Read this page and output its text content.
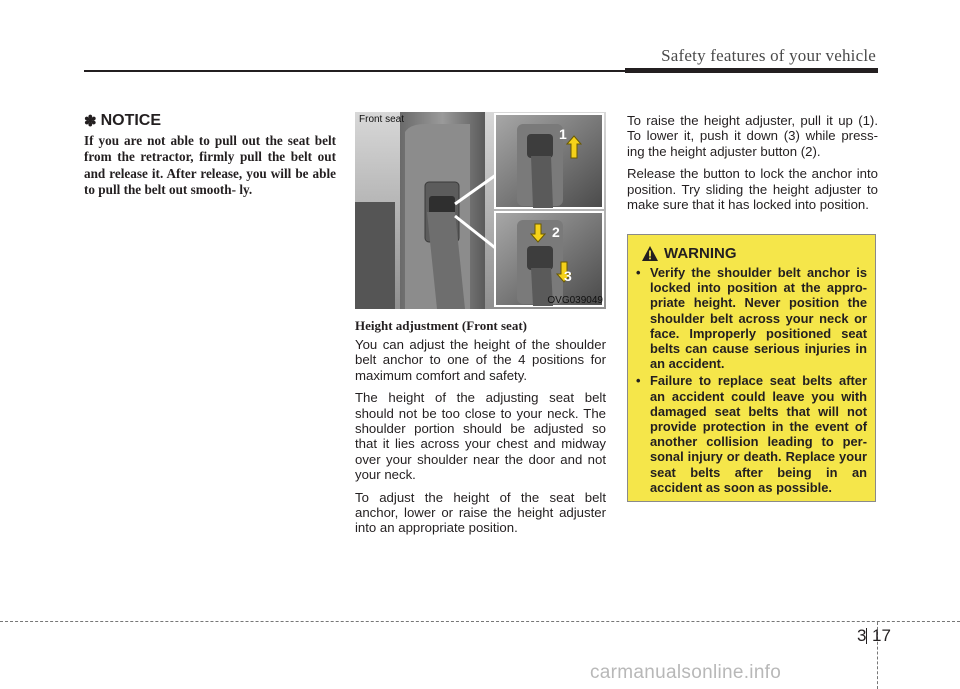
Safety features of your vehicle
✽ NOTICE

If you are not able to pull out the seat belt from the retractor, firmly pull the belt out and release it. After release, you will be able to pull the belt out smooth- ly.

Front seat
1
2
3
OVG039049
Height adjustment (Front seat)

You can adjust the height of the shoulder belt anchor to one of the 4 positions for maximum comfort and safety.

The height of the adjusting seat belt should not be too close to your neck. The shoulder portion should be adjusted so that it lies across your chest and midway over your shoulder near the door and not your neck.

To adjust the height of the seat belt anchor, lower or raise the height adjuster into an appropriate position.

To raise the height adjuster, pull it up (1). To lower it, push it down (3) while press- ing the height adjuster button (2).

Release the button to lock the anchor into position. Try sliding the height adjuster to make sure that it has locked into position.

WARNING
• Verify the shoulder belt anchor is locked into position at the appro- priate height. Never position the shoulder belt across your neck or face. Improperly positioned seat belts can cause serious injuries in an accident.
• Failure to replace seat belts after an accident could leave you with damaged seat belts that will not provide protection in the event of another collision leading to per- sonal injury or death. Replace your seat belts after being in an accident as soon as possible.
3 17
carmanualsonline.info
